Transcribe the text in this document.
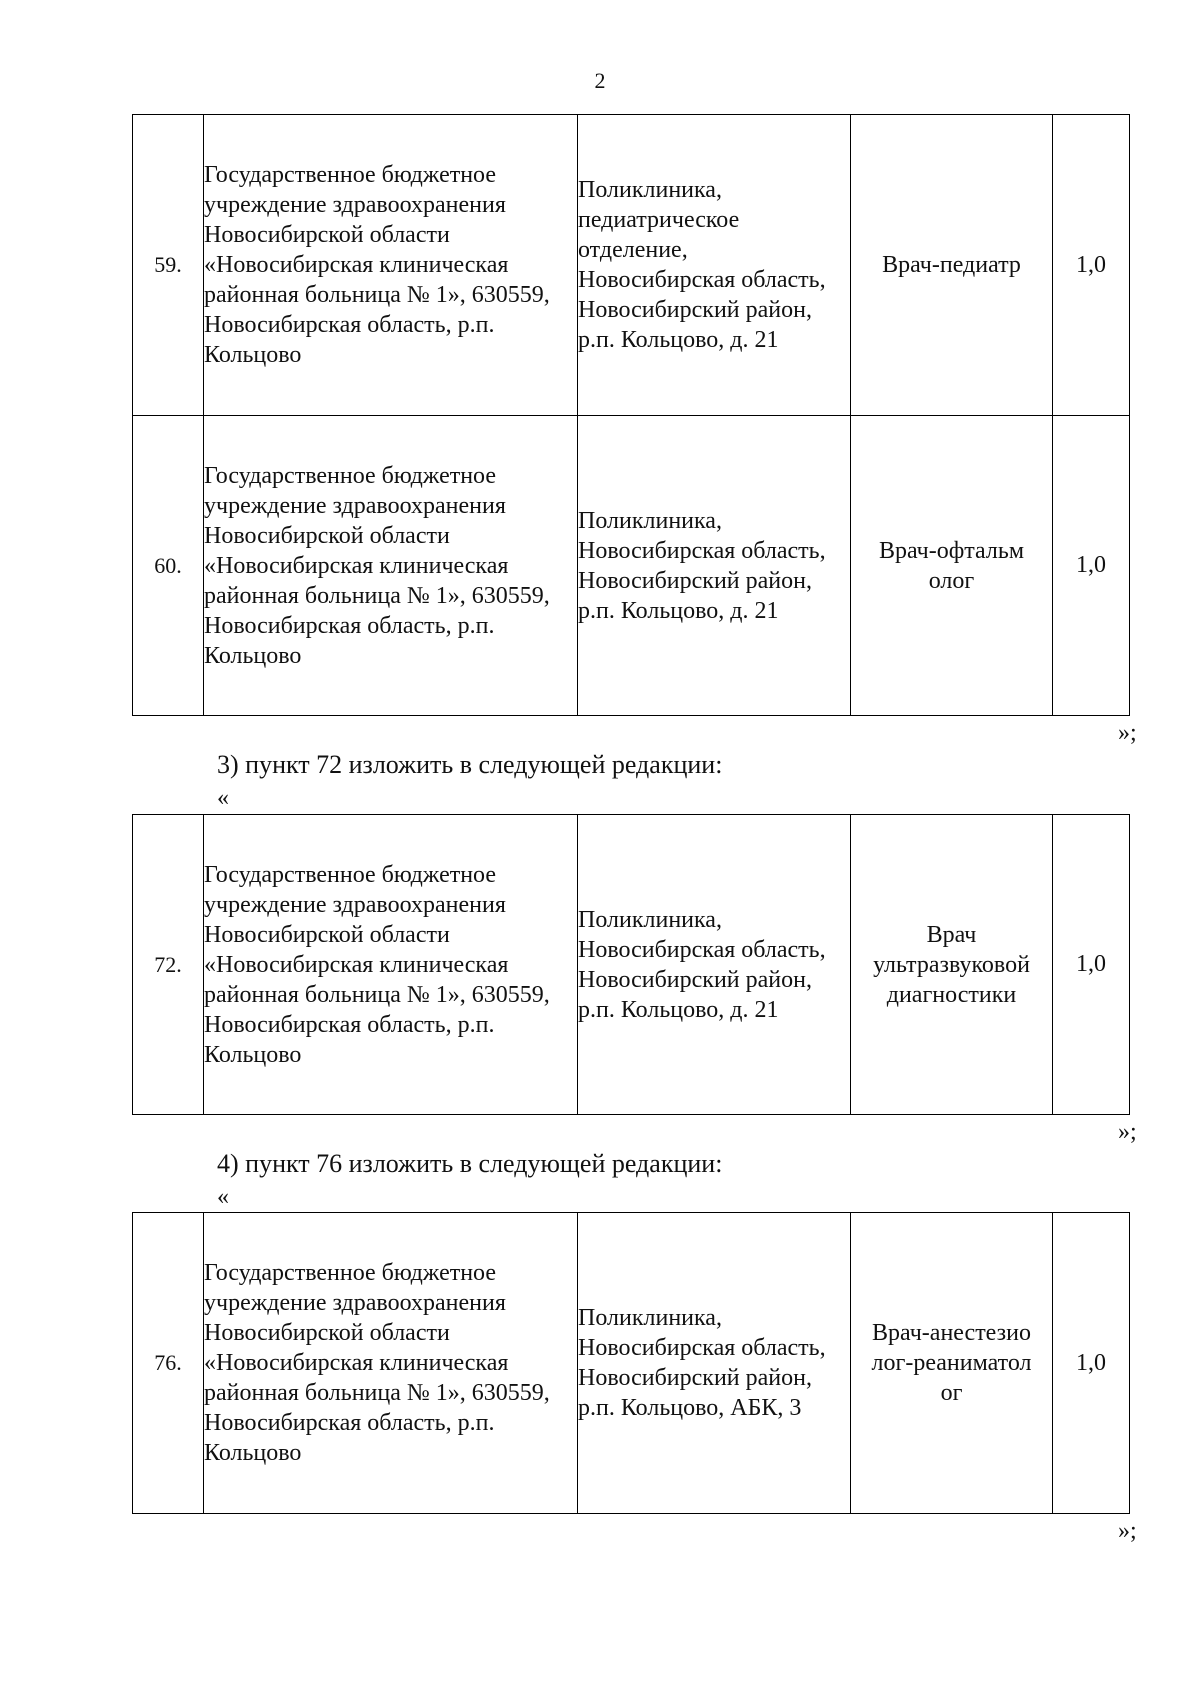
2
59.	Государственное бюджетное учреждение здравоохранения Новосибирской области «Новосибирская клиническая районная больница № 1», 630559, Новосибирская область, р.п. Кольцово	Поликлиника, педиатрическое отделение, Новосибирская область, Новосибирский район, р.п. Кольцово, д. 21	Врач-педиатр	1,0
60.	Государственное бюджетное учреждение здравоохранения Новосибирской области «Новосибирская клиническая районная больница № 1», 630559, Новосибирская область, р.п. Кольцово	Поликлиника, Новосибирская область, Новосибирский район, р.п. Кольцово, д. 21	Врач-офтальмолог	1,0
»;
3) пункт 72 изложить в следующей редакции:
«
72.	Государственное бюджетное учреждение здравоохранения Новосибирской области «Новосибирская клиническая районная больница № 1», 630559, Новосибирская область, р.п. Кольцово	Поликлиника, Новосибирская область, Новосибирский район, р.п. Кольцово, д. 21	Врач ультразвуковой диагностики	1,0
»;
4) пункт 76 изложить в следующей редакции:
«
76.	Государственное бюджетное учреждение здравоохранения Новосибирской области «Новосибирская клиническая районная больница № 1», 630559, Новосибирская область, р.п. Кольцово	Поликлиника, Новосибирская область, Новосибирский район, р.п. Кольцово, АБК, 3	Врач-анестезиолог-реаниматолог	1,0
»;
